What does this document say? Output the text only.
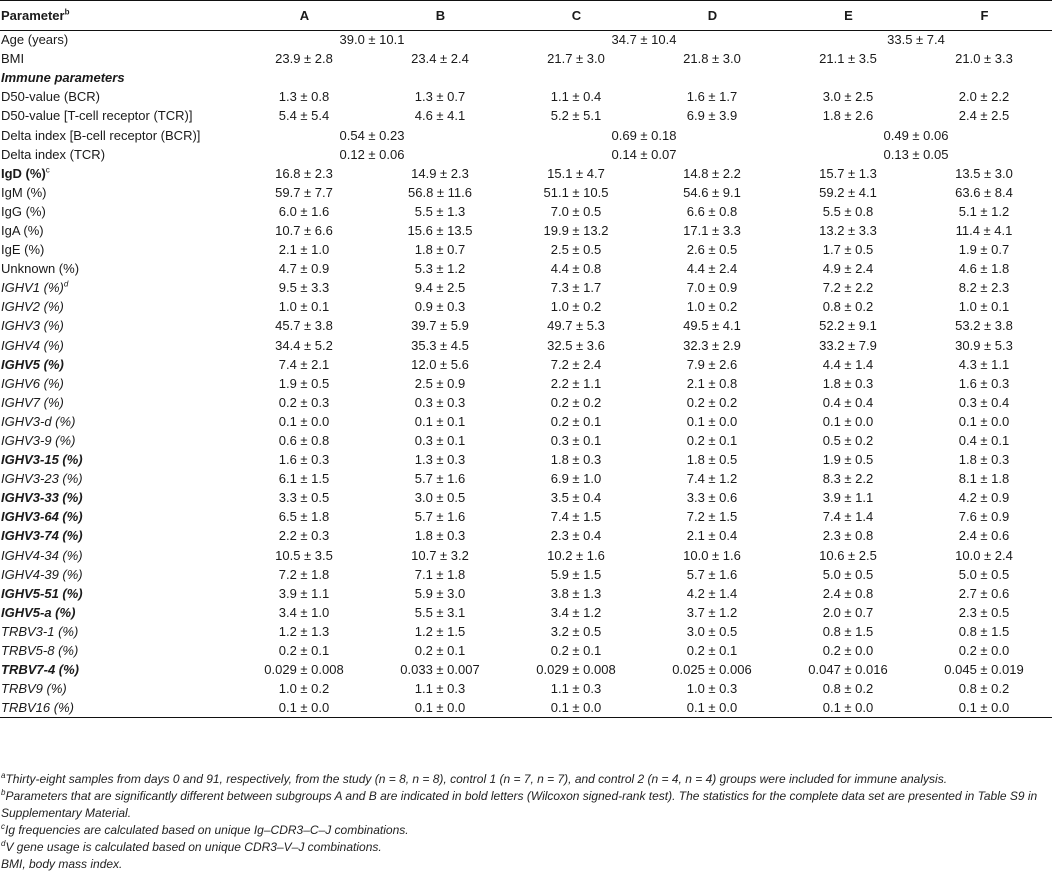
Parameter$^b$	A	B	C	D	E	F
Age (years)	39.0 ± 10.1		34.7 ± 10.4		33.5 ± 7.4	
BMI	23.9 ± 2.8	23.4 ± 2.4	21.7 ± 3.0	21.8 ± 3.0	21.1 ± 3.5	21.0 ± 3.3
Immune parameters						
D50-value (BCR)	1.3 ± 0.8	1.3 ± 0.7	1.1 ± 0.4	1.6 ± 1.7	3.0 ± 2.5	2.0 ± 2.2
D50-value [T-cell receptor (TCR)]	5.4 ± 5.4	4.6 ± 4.1	5.2 ± 5.1	6.9 ± 3.9	1.8 ± 2.6	2.4 ± 2.5
Delta index [B-cell receptor (BCR)]	0.54 ± 0.23		0.69 ± 0.18		0.49 ± 0.06	
Delta index (TCR)	0.12 ± 0.06		0.14 ± 0.07		0.13 ± 0.05	
IgD (%)$^c$	16.8 ± 2.3	14.9 ± 2.3	15.1 ± 4.7	14.8 ± 2.2	15.7 ± 1.3	13.5 ± 3.0
IgM (%)	59.7 ± 7.7	56.8 ± 11.6	51.1 ± 10.5	54.6 ± 9.1	59.2 ± 4.1	63.6 ± 8.4
IgG (%)	6.0 ± 1.6	5.5 ± 1.3	7.0 ± 0.5	6.6 ± 0.8	5.5 ± 0.8	5.1 ± 1.2
IgA (%)	10.7 ± 6.6	15.6 ± 13.5	19.9 ± 13.2	17.1 ± 3.3	13.2 ± 3.3	11.4 ± 4.1
IgE (%)	2.1 ± 1.0	1.8 ± 0.7	2.5 ± 0.5	2.6 ± 0.5	1.7 ± 0.5	1.9 ± 0.7
Unknown (%)	4.7 ± 0.9	5.3 ± 1.2	4.4 ± 0.8	4.4 ± 2.4	4.9 ± 2.4	4.6 ± 1.8
IGHV1 (%)$^d$	9.5 ± 3.3	9.4 ± 2.5	7.3 ± 1.7	7.0 ± 0.9	7.2 ± 2.2	8.2 ± 2.3
IGHV2 (%)	1.0 ± 0.1	0.9 ± 0.3	1.0 ± 0.2	1.0 ± 0.2	0.8 ± 0.2	1.0 ± 0.1
IGHV3 (%)	45.7 ± 3.8	39.7 ± 5.9	49.7 ± 5.3	49.5 ± 4.1	52.2 ± 9.1	53.2 ± 3.8
IGHV4 (%)	34.4 ± 5.2	35.3 ± 4.5	32.5 ± 3.6	32.3 ± 2.9	33.2 ± 7.9	30.9 ± 5.3
IGHV5 (%)	7.4 ± 2.1	12.0 ± 5.6	7.2 ± 2.4	7.9 ± 2.6	4.4 ± 1.4	4.3 ± 1.1
IGHV6 (%)	1.9 ± 0.5	2.5 ± 0.9	2.2 ± 1.1	2.1 ± 0.8	1.8 ± 0.3	1.6 ± 0.3
IGHV7 (%)	0.2 ± 0.3	0.3 ± 0.3	0.2 ± 0.2	0.2 ± 0.2	0.4 ± 0.4	0.3 ± 0.4
IGHV3-d (%)	0.1 ± 0.0	0.1 ± 0.1	0.2 ± 0.1	0.1 ± 0.0	0.1 ± 0.0	0.1 ± 0.0
IGHV3-9 (%)	0.6 ± 0.8	0.3 ± 0.1	0.3 ± 0.1	0.2 ± 0.1	0.5 ± 0.2	0.4 ± 0.1
IGHV3-15 (%)	1.6 ± 0.3	1.3 ± 0.3	1.8 ± 0.3	1.8 ± 0.5	1.9 ± 0.5	1.8 ± 0.3
IGHV3-23 (%)	6.1 ± 1.5	5.7 ± 1.6	6.9 ± 1.0	7.4 ± 1.2	8.3 ± 2.2	8.1 ± 1.8
IGHV3-33 (%)	3.3 ± 0.5	3.0 ± 0.5	3.5 ± 0.4	3.3 ± 0.6	3.9 ± 1.1	4.2 ± 0.9
IGHV3-64 (%)	6.5 ± 1.8	5.7 ± 1.6	7.4 ± 1.5	7.2 ± 1.5	7.4 ± 1.4	7.6 ± 0.9
IGHV3-74 (%)	2.2 ± 0.3	1.8 ± 0.3	2.3 ± 0.4	2.1 ± 0.4	2.3 ± 0.8	2.4 ± 0.6
IGHV4-34 (%)	10.5 ± 3.5	10.7 ± 3.2	10.2 ± 1.6	10.0 ± 1.6	10.6 ± 2.5	10.0 ± 2.4
IGHV4-39 (%)	7.2 ± 1.8	7.1 ± 1.8	5.9 ± 1.5	5.7 ± 1.6	5.0 ± 0.5	5.0 ± 0.5
IGHV5-51 (%)	3.9 ± 1.1	5.9 ± 3.0	3.8 ± 1.3	4.2 ± 1.4	2.4 ± 0.8	2.7 ± 0.6
IGHV5-a (%)	3.4 ± 1.0	5.5 ± 3.1	3.4 ± 1.2	3.7 ± 1.2	2.0 ± 0.7	2.3 ± 0.5
TRBV3-1 (%)	1.2 ± 1.3	1.2 ± 1.5	3.2 ± 0.5	3.0 ± 0.5	0.8 ± 1.5	0.8 ± 1.5
TRBV5-8 (%)	0.2 ± 0.1	0.2 ± 0.1	0.2 ± 0.1	0.2 ± 0.1	0.2 ± 0.0	0.2 ± 0.0
TRBV7-4 (%)	0.029 ± 0.008	0.033 ± 0.007	0.029 ± 0.008	0.025 ± 0.006	0.047 ± 0.016	0.045 ± 0.019
TRBV9 (%)	1.0 ± 0.2	1.1 ± 0.3	1.1 ± 0.3	1.0 ± 0.3	0.8 ± 0.2	0.8 ± 0.2
TRBV16 (%)	0.1 ± 0.0	0.1 ± 0.0	0.1 ± 0.0	0.1 ± 0.0	0.1 ± 0.0	0.1 ± 0.0

$^a$Thirty-eight samples from days 0 and 91, respectively, from the study (n = 8, n = 8), control 1 (n = 7, n = 7), and control 2 (n = 4, n = 4) groups were included for immune analysis.

$^b$Parameters that are significantly different between subgroups A and B are indicated in bold letters (Wilcoxon signed-rank test). The statistics for the complete data set are presented in Table S9 in Supplementary Material.

$^c$Ig frequencies are calculated based on unique Ig–CDR3–C–J combinations.

$^d$V gene usage is calculated based on unique CDR3–V–J combinations.

BMI, body mass index.
